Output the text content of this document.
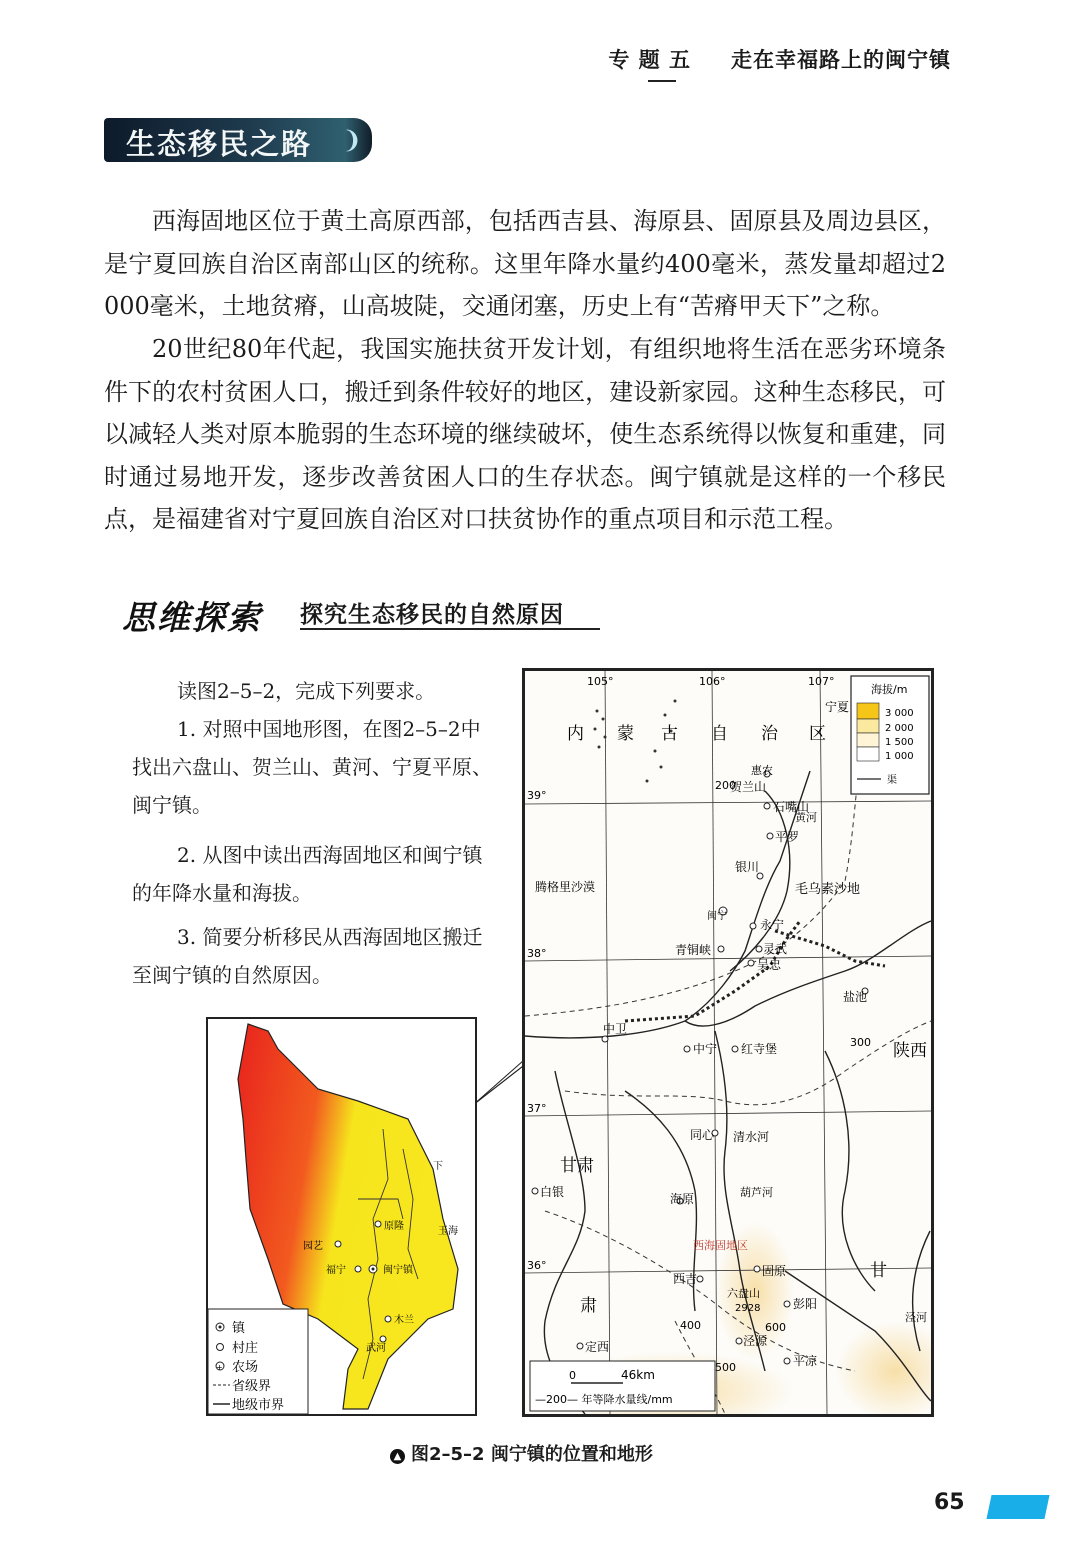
专 题 五 走在幸福路上的闽宁镇
生态移民之路 ❩
西海固地区位于黄土高原西部，包括西吉县、海原县、固原县及周边县区，是宁夏回族自治区南部山区的统称。这里年降水量约400毫米，蒸发量却超过2 000毫米，土地贫瘠，山高坡陡，交通闭塞，历史上有“苦瘠甲天下”之称。
20世纪80年代起，我国实施扶贫开发计划，有组织地将生活在恶劣环境条件下的农村贫困人口，搬迁到条件较好的地区，建设新家园。这种生态移民，可以减轻人类对原本脆弱的生态环境的继续破坏，使生态系统得以恢复和重建，同时通过易地开发，逐步改善贫困人口的生存状态。闽宁镇就是这样的一个移民点，是福建省对宁夏回族自治区对口扶贫协作的重点项目和示范工程。
思维探索 探究生态移民的自然原因
读图2–5–2，完成下列要求。
1. 对照中国地形图，在图2–5–2中找出六盘山、贺兰山、黄河、宁夏平原、闽宁镇。
2. 从图中读出西海固地区和闽宁镇的年降水量和海拔。
3. 简要分析移民从西海固地区搬迁至闽宁镇的自然原因。
海拔/m
3 000
2 000
1 500
1 000
渠
105°	106°	107°
39°
38°
37°
36°
内 蒙 古 自 治 区
腾格里沙漠	毛乌素沙地
贺兰山
黄河
清水河
葫芦河
泾河
陕西
甘肃
甘
肃
宁夏
石嘴山
平罗
银川
闽宁
永宁
青铜峡	灵武
吴忠
盐池
中卫
中宁 红寺堡
同心
海原
西吉
固原
六盘山
泾源
平凉
定西
白银
彭阳
惠农
西海固地区
2928
200
300
400
500
600
0	46km
—200— 年等降水量线/mm
闽宁镇
福宁
原隆
木兰
园艺
玉海
武河
下
镇
村庄
+ 农场
省级界
地级市界
▲ 图2–5–2 闽宁镇的位置和地形
65
